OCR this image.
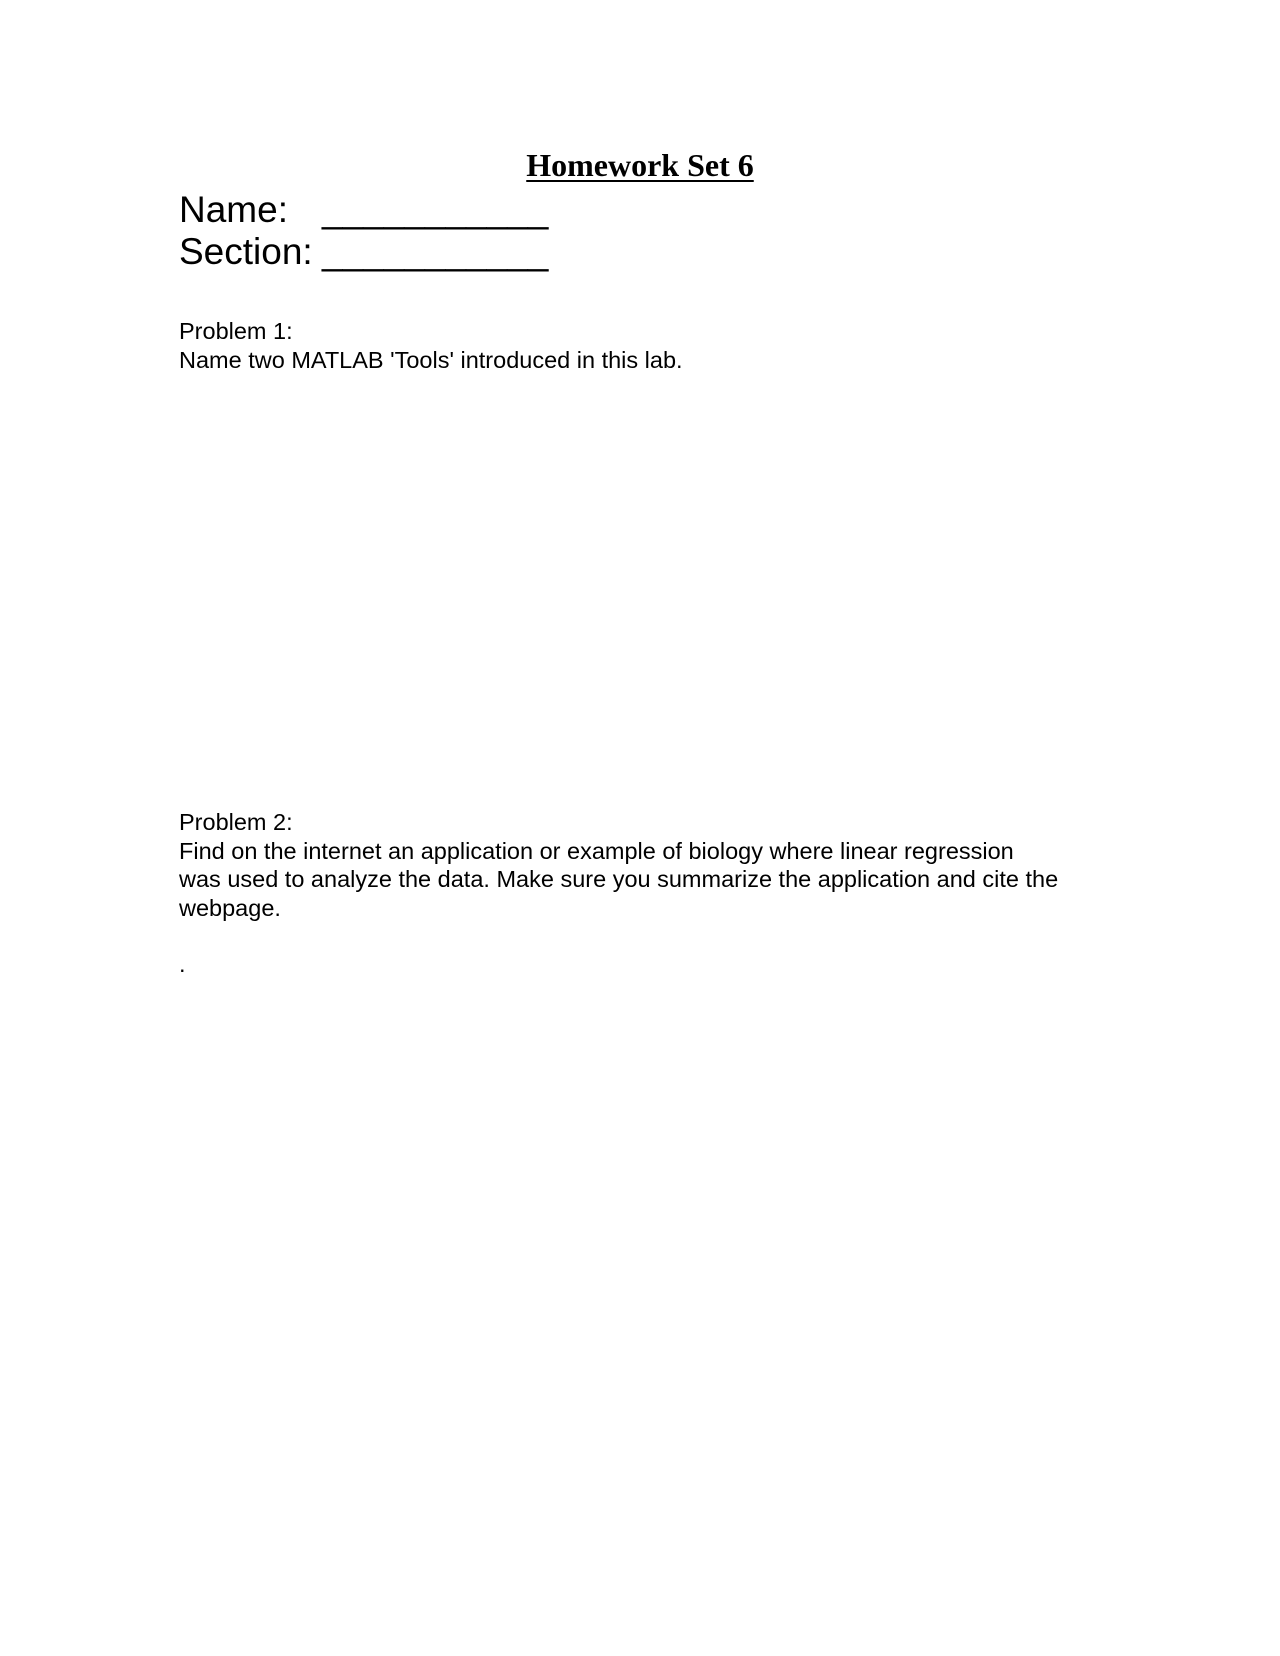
Homework Set 6
Name: ___________
Section: ___________
Problem 1:
Name two MATLAB 'Tools' introduced in this lab.
Problem 2:
Find on the internet an application or example of biology where linear regression was used to analyze the data. Make sure you summarize the application and cite the webpage.
.
